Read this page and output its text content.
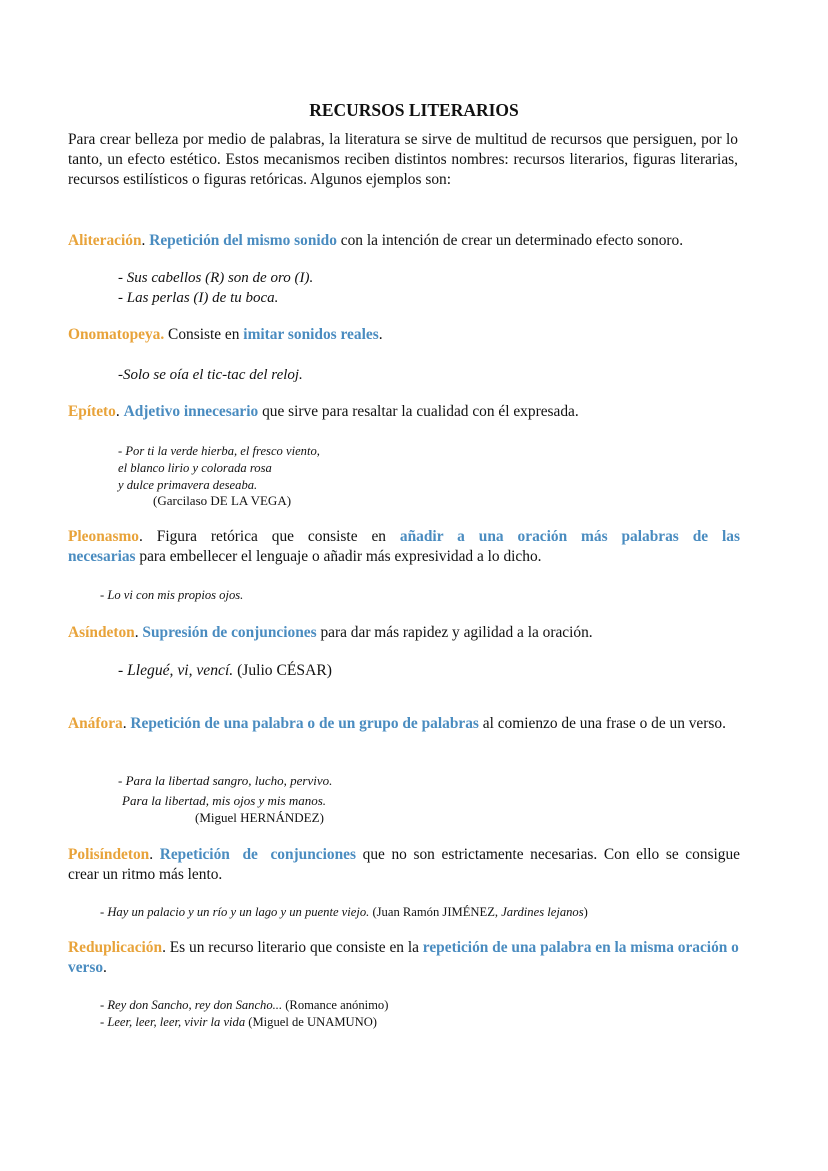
RECURSOS LITERARIOS

Para crear belleza por medio de palabras, la literatura se sirve de multitud de recursos que persiguen, por lo tanto, un efecto estético. Estos mecanismos reciben distintos nombres: recursos literarios, figuras literarias, recursos estilísticos o figuras retóricas. Algunos ejemplos son:

Aliteración. Repetición del mismo sonido con la intención de crear un determinado efecto sonoro.

- Sus cabellos (R) son de oro (I).

- Las perlas (I) de tu boca.

Onomatopeya. Consiste en imitar sonidos reales.

-Solo se oía el tic-tac del reloj.

Epíteto. Adjetivo innecesario que sirve para resaltar la cualidad con él expresada.

- Por ti la verde hierba, el fresco viento,

el blanco lirio y colorada rosa

y dulce primavera deseaba.

(Garcilaso DE LA VEGA)

Pleonasmo. Figura retórica que consiste en añadir a una oración más palabras de las necesarias para embellecer el lenguaje o añadir más expresividad a lo dicho.

- Lo vi con mis propios ojos.

Asíndeton. Supresión de conjunciones para dar más rapidez y agilidad a la oración.

- Llegué, vi, vencí. (Julio CÉSAR)

Anáfora. Repetición de una palabra o de un grupo de palabras al comienzo de una frase o de un verso.

- Para la libertad sangro, lucho, pervivo.

Para la libertad, mis ojos y mis manos.

(Miguel HERNÁNDEZ)

Polisíndeton. Repetición de conjunciones que no son estrictamente necesarias. Con ello se consigue crear un ritmo más lento.

- Hay un palacio y un río y un lago y un puente viejo. (Juan Ramón JIMÉNEZ, Jardines lejanos)

Reduplicación. Es un recurso literario que consiste en la repetición de una palabra en la misma oración o verso.

- Rey don Sancho, rey don Sancho... (Romance anónimo)

- Leer, leer, leer, vivir la vida (Miguel de UNAMUNO)
